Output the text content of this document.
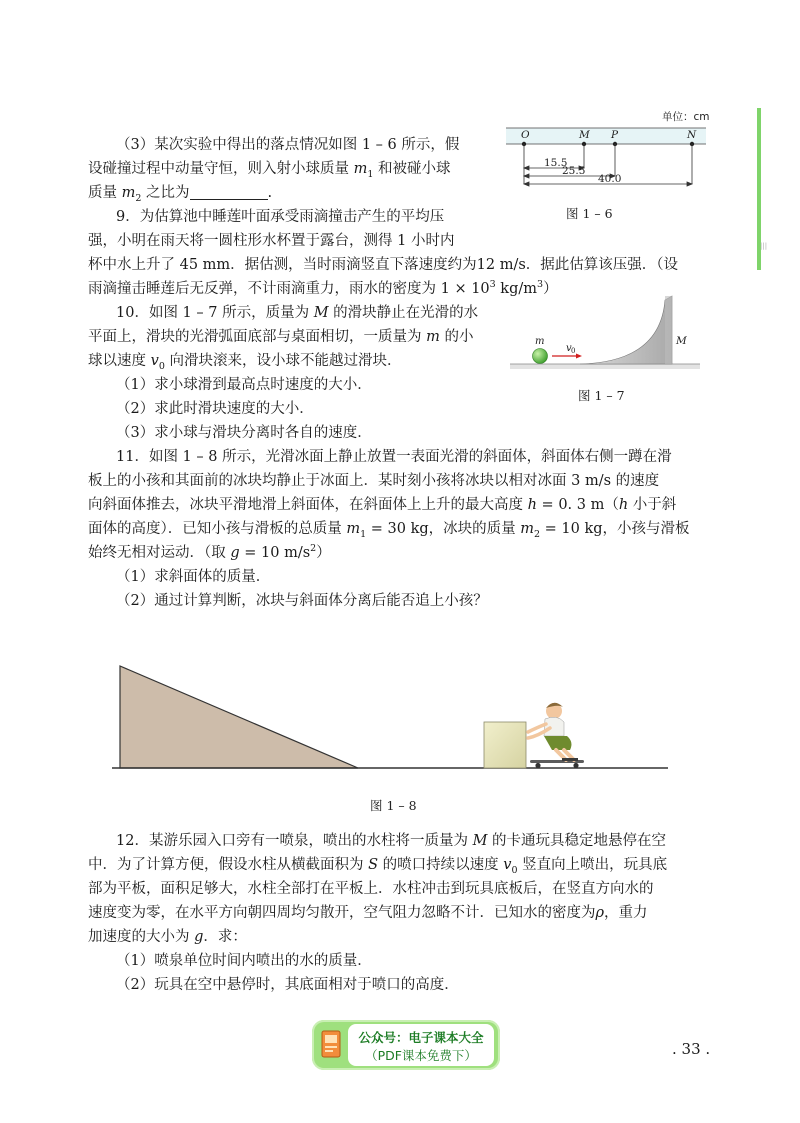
|||
（3）某次实验中得出的落点情况如图 1 – 6 所示，假
设碰撞过程中动量守恒，则入射小球质量 $m_1$ 和被碰小球
质量 $m_2$ 之比为	.
9．为估算池中睡莲叶面承受雨滴撞击产生的平均压
强，小明在雨天将一圆柱形水杯置于露台，测得 1 小时内
杯中水上升了 45 mm．据估测，当时雨滴竖直下落速度约为12 m/s．据此估算该压强．（设
雨滴撞击睡莲后无反弹，不计雨滴重力，雨水的密度为 $1 \times 10^3$ $kg/m^3$）
单位：cm
O	M P	N
15.5
25.5
40.0
图 1 – 6
10．如图 1 – 7 所示，质量为 M 的滑块静止在光滑的水
平面上，滑块的光滑弧面底部与桌面相切，一质量为 m 的小
球以速度 $v_0$ 向滑块滚来，设小球不能越过滑块．
（1）求小球滑到最高点时速度的大小．
（2）求此时滑块速度的大小．
（3）求小球与滑块分离时各自的速度．
m
v 0
M
图 1 – 7
11．如图 1 – 8 所示，光滑冰面上静止放置一表面光滑的斜面体，斜面体右侧一蹲在滑
板上的小孩和其面前的冰块均静止于冰面上．某时刻小孩将冰块以相对冰面 3 m/s 的速度
向斜面体推去，冰块平滑地滑上斜面体，在斜面体上上升的最大高度 h = 0. 3 m（h 小于斜
面体的高度）．已知小孩与滑板的总质量 $m_1 = 30$ kg，冰块的质量 $m_2 = 10$ kg，小孩与滑板
始终无相对运动．（取 g = 10 $m/s^2$）
（1）求斜面体的质量．
（2）通过计算判断，冰块与斜面体分离后能否追上小孩？
图 1 – 8
12．某游乐园入口旁有一喷泉，喷出的水柱将一质量为 M 的卡通玩具稳定地悬停在空
中．为了计算方便，假设水柱从横截面积为 S 的喷口持续以速度 $v_0$ 竖直向上喷出，玩具底
部为平板，面积足够大，水柱全部打在平板上．水柱冲击到玩具底板后，在竖直方向水的
速度变为零，在水平方向朝四周均匀散开，空气阻力忽略不计．已知水的密度为ρ，重力
加速度的大小为 g．求：
（1）喷泉单位时间内喷出的水的质量．
（2）玩具在空中悬停时，其底面相对于喷口的高度．
公众号：电子课本大全
（PDF课本免费下）	. 33 .
